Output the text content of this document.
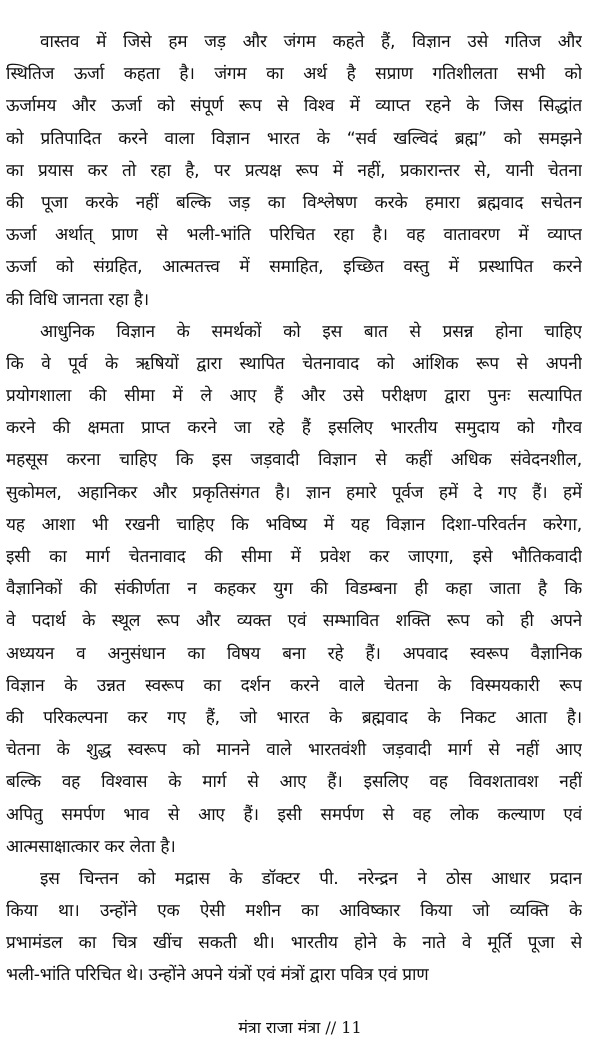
वास्तव में जिसे हम जड़ और जंगम कहते हैं, विज्ञान उसे गतिज और
स्थितिज ऊर्जा कहता है। जंगम का अर्थ है सप्राण गतिशीलता सभी को
ऊर्जामय और ऊर्जा को संपूर्ण रूप से विश्व में व्याप्त रहने के जिस सिद्धांत
को प्रतिपादित करने वाला विज्ञान भारत के “सर्व खल्विदं ब्रह्म” को समझने
का प्रयास कर तो रहा है, पर प्रत्यक्ष रूप में नहीं, प्रकारान्तर से, यानी चेतना
की पूजा करके नहीं बल्कि जड़ का विश्लेषण करके हमारा ब्रह्मवाद सचेतन
ऊर्जा अर्थात् प्राण से भली-भांति परिचित रहा है। वह वातावरण में व्याप्त
ऊर्जा को संग्रहित, आत्मतत्त्व में समाहित, इच्छित वस्तु में प्रस्थापित करने
की विधि जानता रहा है।
आधुनिक विज्ञान के समर्थकों को इस बात से प्रसन्न होना चाहिए
कि वे पूर्व के ऋषियों द्वारा स्थापित चेतनावाद को आंशिक रूप से अपनी
प्रयोगशाला की सीमा में ले आए हैं और उसे परीक्षण द्वारा पुनः सत्यापित
करने की क्षमता प्राप्त करने जा रहे हैं इसलिए भारतीय समुदाय को गौरव
महसूस करना चाहिए कि इस जड़वादी विज्ञान से कहीं अधिक संवेदनशील,
सुकोमल, अहानिकर और प्रकृतिसंगत है। ज्ञान हमारे पूर्वज हमें दे गए हैं। हमें
यह आशा भी रखनी चाहिए कि भविष्य में यह विज्ञान दिशा-परिवर्तन करेगा,
इसी का मार्ग चेतनावाद की सीमा में प्रवेश कर जाएगा, इसे भौतिकवादी
वैज्ञानिकों की संकीर्णता न कहकर युग की विडम्बना ही कहा जाता है कि
वे पदार्थ के स्थूल रूप और व्यक्त एवं सम्भावित शक्ति रूप को ही अपने
अध्ययन व अनुसंधान का विषय बना रहे हैं। अपवाद स्वरूप वैज्ञानिक
विज्ञान के उन्नत स्वरूप का दर्शन करने वाले चेतना के विस्मयकारी रूप
की परिकल्पना कर गए हैं, जो भारत के ब्रह्मवाद के निकट आता है।
चेतना के शुद्ध स्वरूप को मानने वाले भारतवंशी जड़वादी मार्ग से नहीं आए
बल्कि वह विश्वास के मार्ग से आए हैं। इसलिए वह विवशतावश नहीं
अपितु समर्पण भाव से आए हैं। इसी समर्पण से वह लोक कल्याण एवं
आत्मसाक्षात्कार कर लेता है।
इस चिन्तन को मद्रास के डॉक्टर पी. नरेन्द्रन ने ठोस आधार प्रदान
किया था। उन्होंने एक ऐसी मशीन का आविष्कार किया जो व्यक्ति के
प्रभामंडल का चित्र खींच सकती थी। भारतीय होने के नाते वे मूर्ति पूजा से
भली-भांति परिचित थे। उन्होंने अपने यंत्रों एवं मंत्रों द्वारा पवित्र एवं प्राण
मंत्रा राजा मंत्रा // 11
